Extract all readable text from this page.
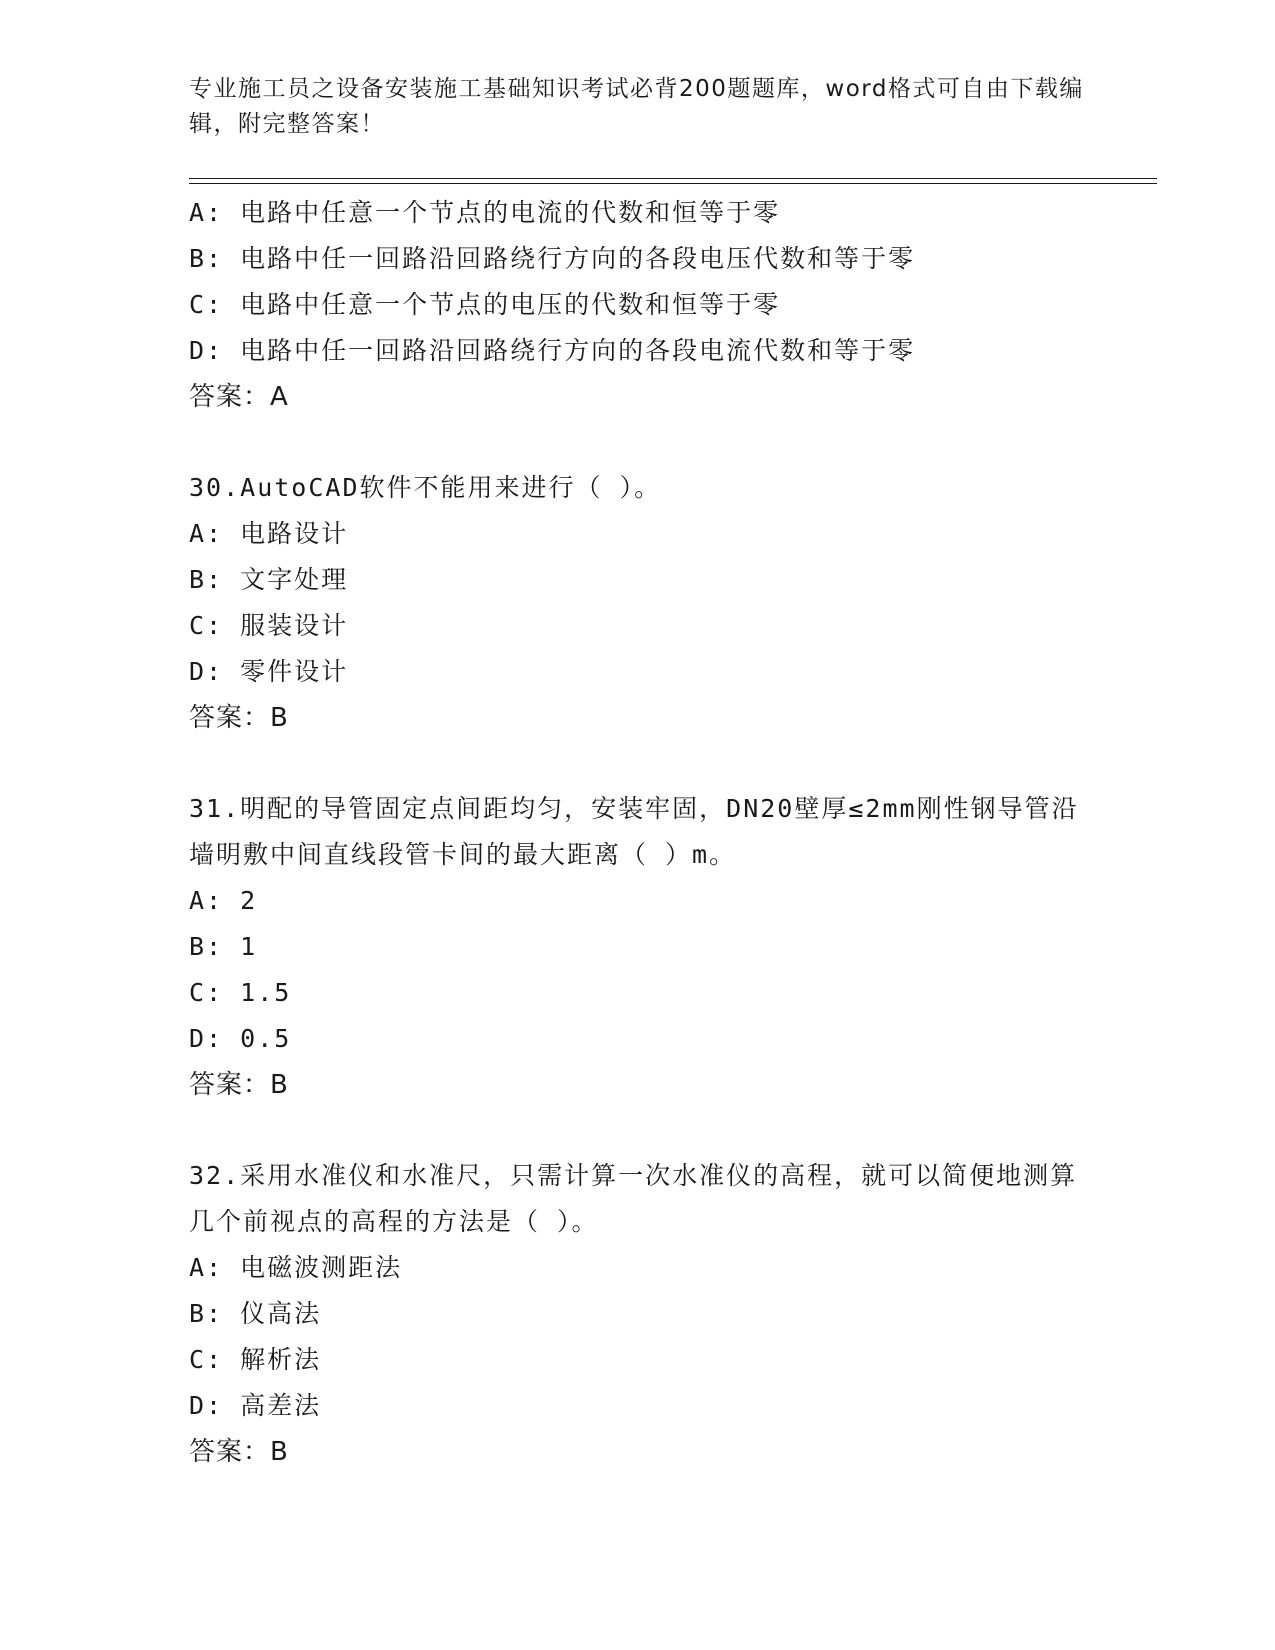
专业施工员之设备安装施工基础知识考试必背200题题库，word格式可自由下载编辑，附完整答案！
A: 电路中任意一个节点的电流的代数和恒等于零
B: 电路中任一回路沿回路绕行方向的各段电压代数和等于零
C: 电路中任意一个节点的电压的代数和恒等于零
D: 电路中任一回路沿回路绕行方向的各段电流代数和等于零
答案：A
30.AutoCAD软件不能用来进行（ ）。
A: 电路设计
B: 文字处理
C: 服装设计
D: 零件设计
答案：B
31.明配的导管固定点间距均匀，安装牢固，DN20壁厚≤2mm刚性钢导管沿墙明敷中间直线段管卡间的最大距离（ ）m。
A: 2
B: 1
C: 1.5
D: 0.5
答案：B
32.采用水准仪和水准尺，只需计算一次水准仪的高程，就可以简便地测算几个前视点的高程的方法是（ ）。
A: 电磁波测距法
B: 仪高法
C: 解析法
D: 高差法
答案：B
